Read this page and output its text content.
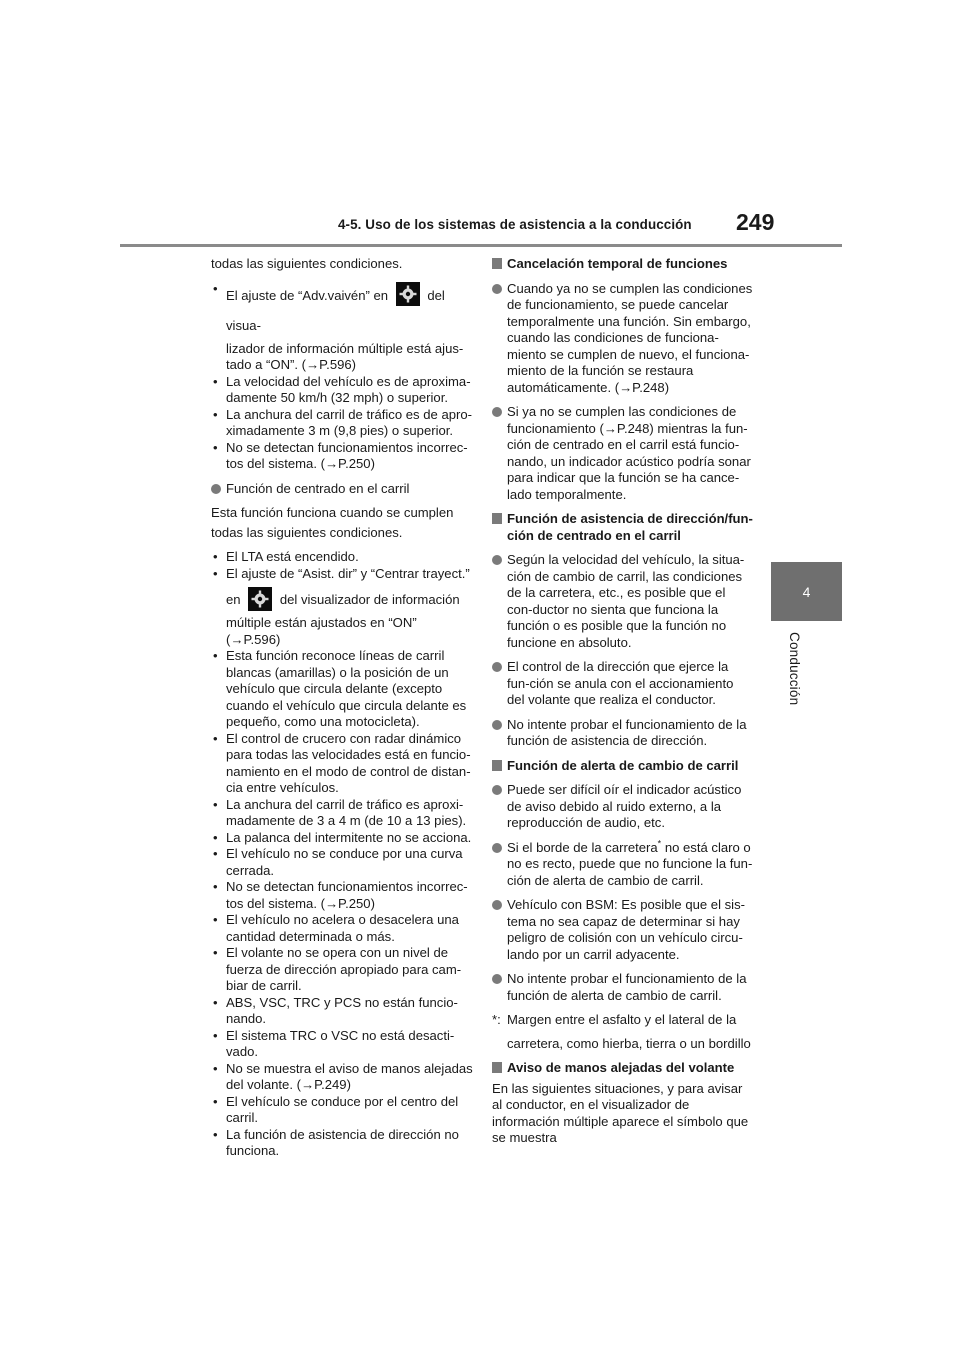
4-5. Uso de los sistemas de asistencia a la conducción 249
4
Conducción

todas las siguientes condiciones.

• El ajuste de “Adv.vaivén” en	del visua-
lizador de información múltiple está ajus-tado a “ON”. (→P.596)
• La velocidad del vehículo es de aproxima-damente 50 km/h (32 mph) o superior.
• La anchura del carril de tráfico es de apro-ximadamente 3 m (9,8 pies) o superior.
• No se detectan funcionamientos incorrec-tos del sistema. (→P.250)
Función de centrado en el carril

Esta función funciona cuando se cumplen

todas las siguientes condiciones.

• El LTA está encendido.
• El ajuste de “Asist. dir” y “Centrar trayect.”
en	del visualizador de información
múltiple están ajustados en “ON” (→P.596)
• Esta función reconoce líneas de carril blancas (amarillas) o la posición de un vehículo que circula delante (excepto cuando el vehículo que circula delante es pequeño, como una motocicleta).
• El control de crucero con radar dinámico para todas las velocidades está en funcio-namiento en el modo de control de distan-cia entre vehículos.
• La anchura del carril de tráfico es aproxi-madamente de 3 a 4 m (de 10 a 13 pies).
• La palanca del intermitente no se acciona.
• El vehículo no se conduce por una curva cerrada.
• No se detectan funcionamientos incorrec-tos del sistema. (→P.250)
• El vehículo no acelera o desacelera una cantidad determinada o más.
• El volante no se opera con un nivel de fuerza de dirección apropiado para cam-biar de carril.
• ABS, VSC, TRC y PCS no están funcio-nando.
• El sistema TRC o VSC no está desacti-vado.
• No se muestra el aviso de manos alejadas del volante. (→P.249)
• El vehículo se conduce por el centro del carril.
• La función de asistencia de dirección no funciona.
Cancelación temporal de funciones
Cuando ya no se cumplen las condiciones de funcionamiento, se puede cancelar temporalmente una función. Sin embargo, cuando las condiciones de funciona-miento se cumplen de nuevo, el funciona-miento de la función se restaura automáticamente. (→P.248)
Si ya no se cumplen las condiciones de funcionamiento (→P.248) mientras la fun-ción de centrado en el carril está funcio-nando, un indicador acústico podría sonar para indicar que la función se ha cance-lado temporalmente.
Función de asistencia de dirección/fun-ción de centrado en el carril
Según la velocidad del vehículo, la situa-ción de cambio de carril, las condiciones de la carretera, etc., es posible que el con-ductor no sienta que funciona la función o es posible que la función no funcione en absoluto.
El control de la dirección que ejerce la fun-ción se anula con el accionamiento del volante que realiza el conductor.
No intente probar el funcionamiento de la función de asistencia de dirección.
Función de alerta de cambio de carril
Puede ser difícil oír el indicador acústico de aviso debido al ruido externo, a la reproducción de audio, etc.
Si el borde de la carretera* no está claro o no es recto, puede que no funcione la fun-ción de alerta de cambio de carril.
Vehículo con BSM: Es posible que el sis-tema no sea capaz de determinar si hay peligro de colisión con un vehículo circu-lando por un carril adyacente.
No intente probar el funcionamiento de la función de alerta de cambio de carril.
*: Margen entre el asfalto y el lateral de la
carretera, como hierba, tierra o un bordillo
Aviso de manos alejadas del volante

En las siguientes situaciones, y para avisar al conductor, en el visualizador de información múltiple aparece el símbolo que se muestra
